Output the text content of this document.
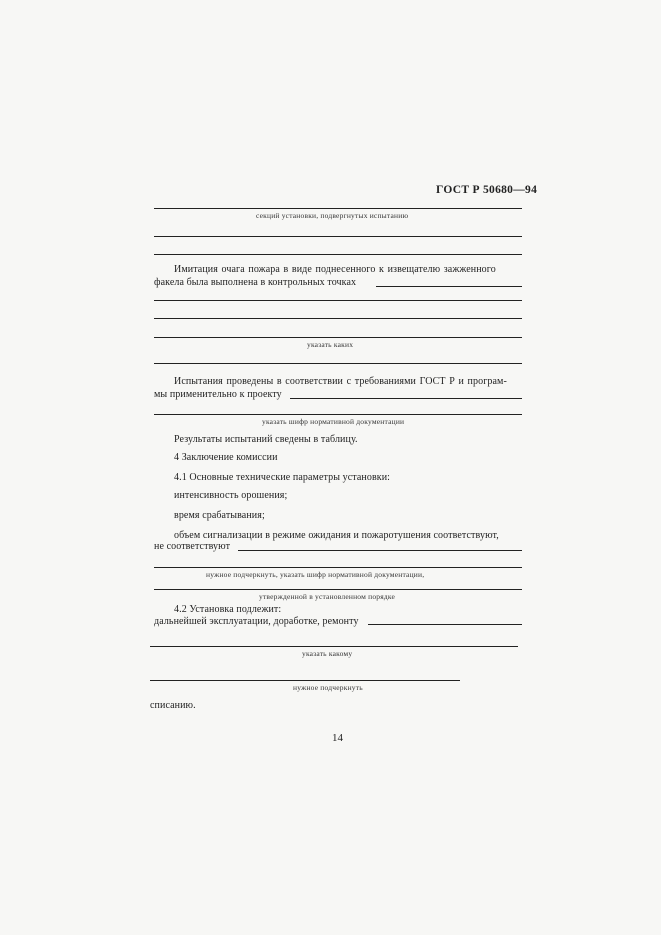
ГОСТ Р 50680—94
секций установки, подвергнутых испытанию
Имитация очага пожара в виде поднесенного к извещателю зажженного
факела была выполнена в контрольных точках
указать каких
Испытания проведены в соответствии с требованиями ГОСТ Р и програм-
мы применительно к проекту
указать шифр нормативной документации
Результаты испытаний сведены в таблицу.
4 Заключение комиссии
4.1 Основные технические параметры установки:
интенсивность орошения;
время срабатывания;
объем сигнализации в режиме ожидания и пожаротушения соответствуют,
не соответствуют
нужное подчеркнуть, указать шифр нормативной документации,
утвержденной в установленном порядке
4.2 Установка подлежит:
дальнейшей эксплуатации, доработке, ремонту
указать какому
нужное подчеркнуть
списанию.
14
